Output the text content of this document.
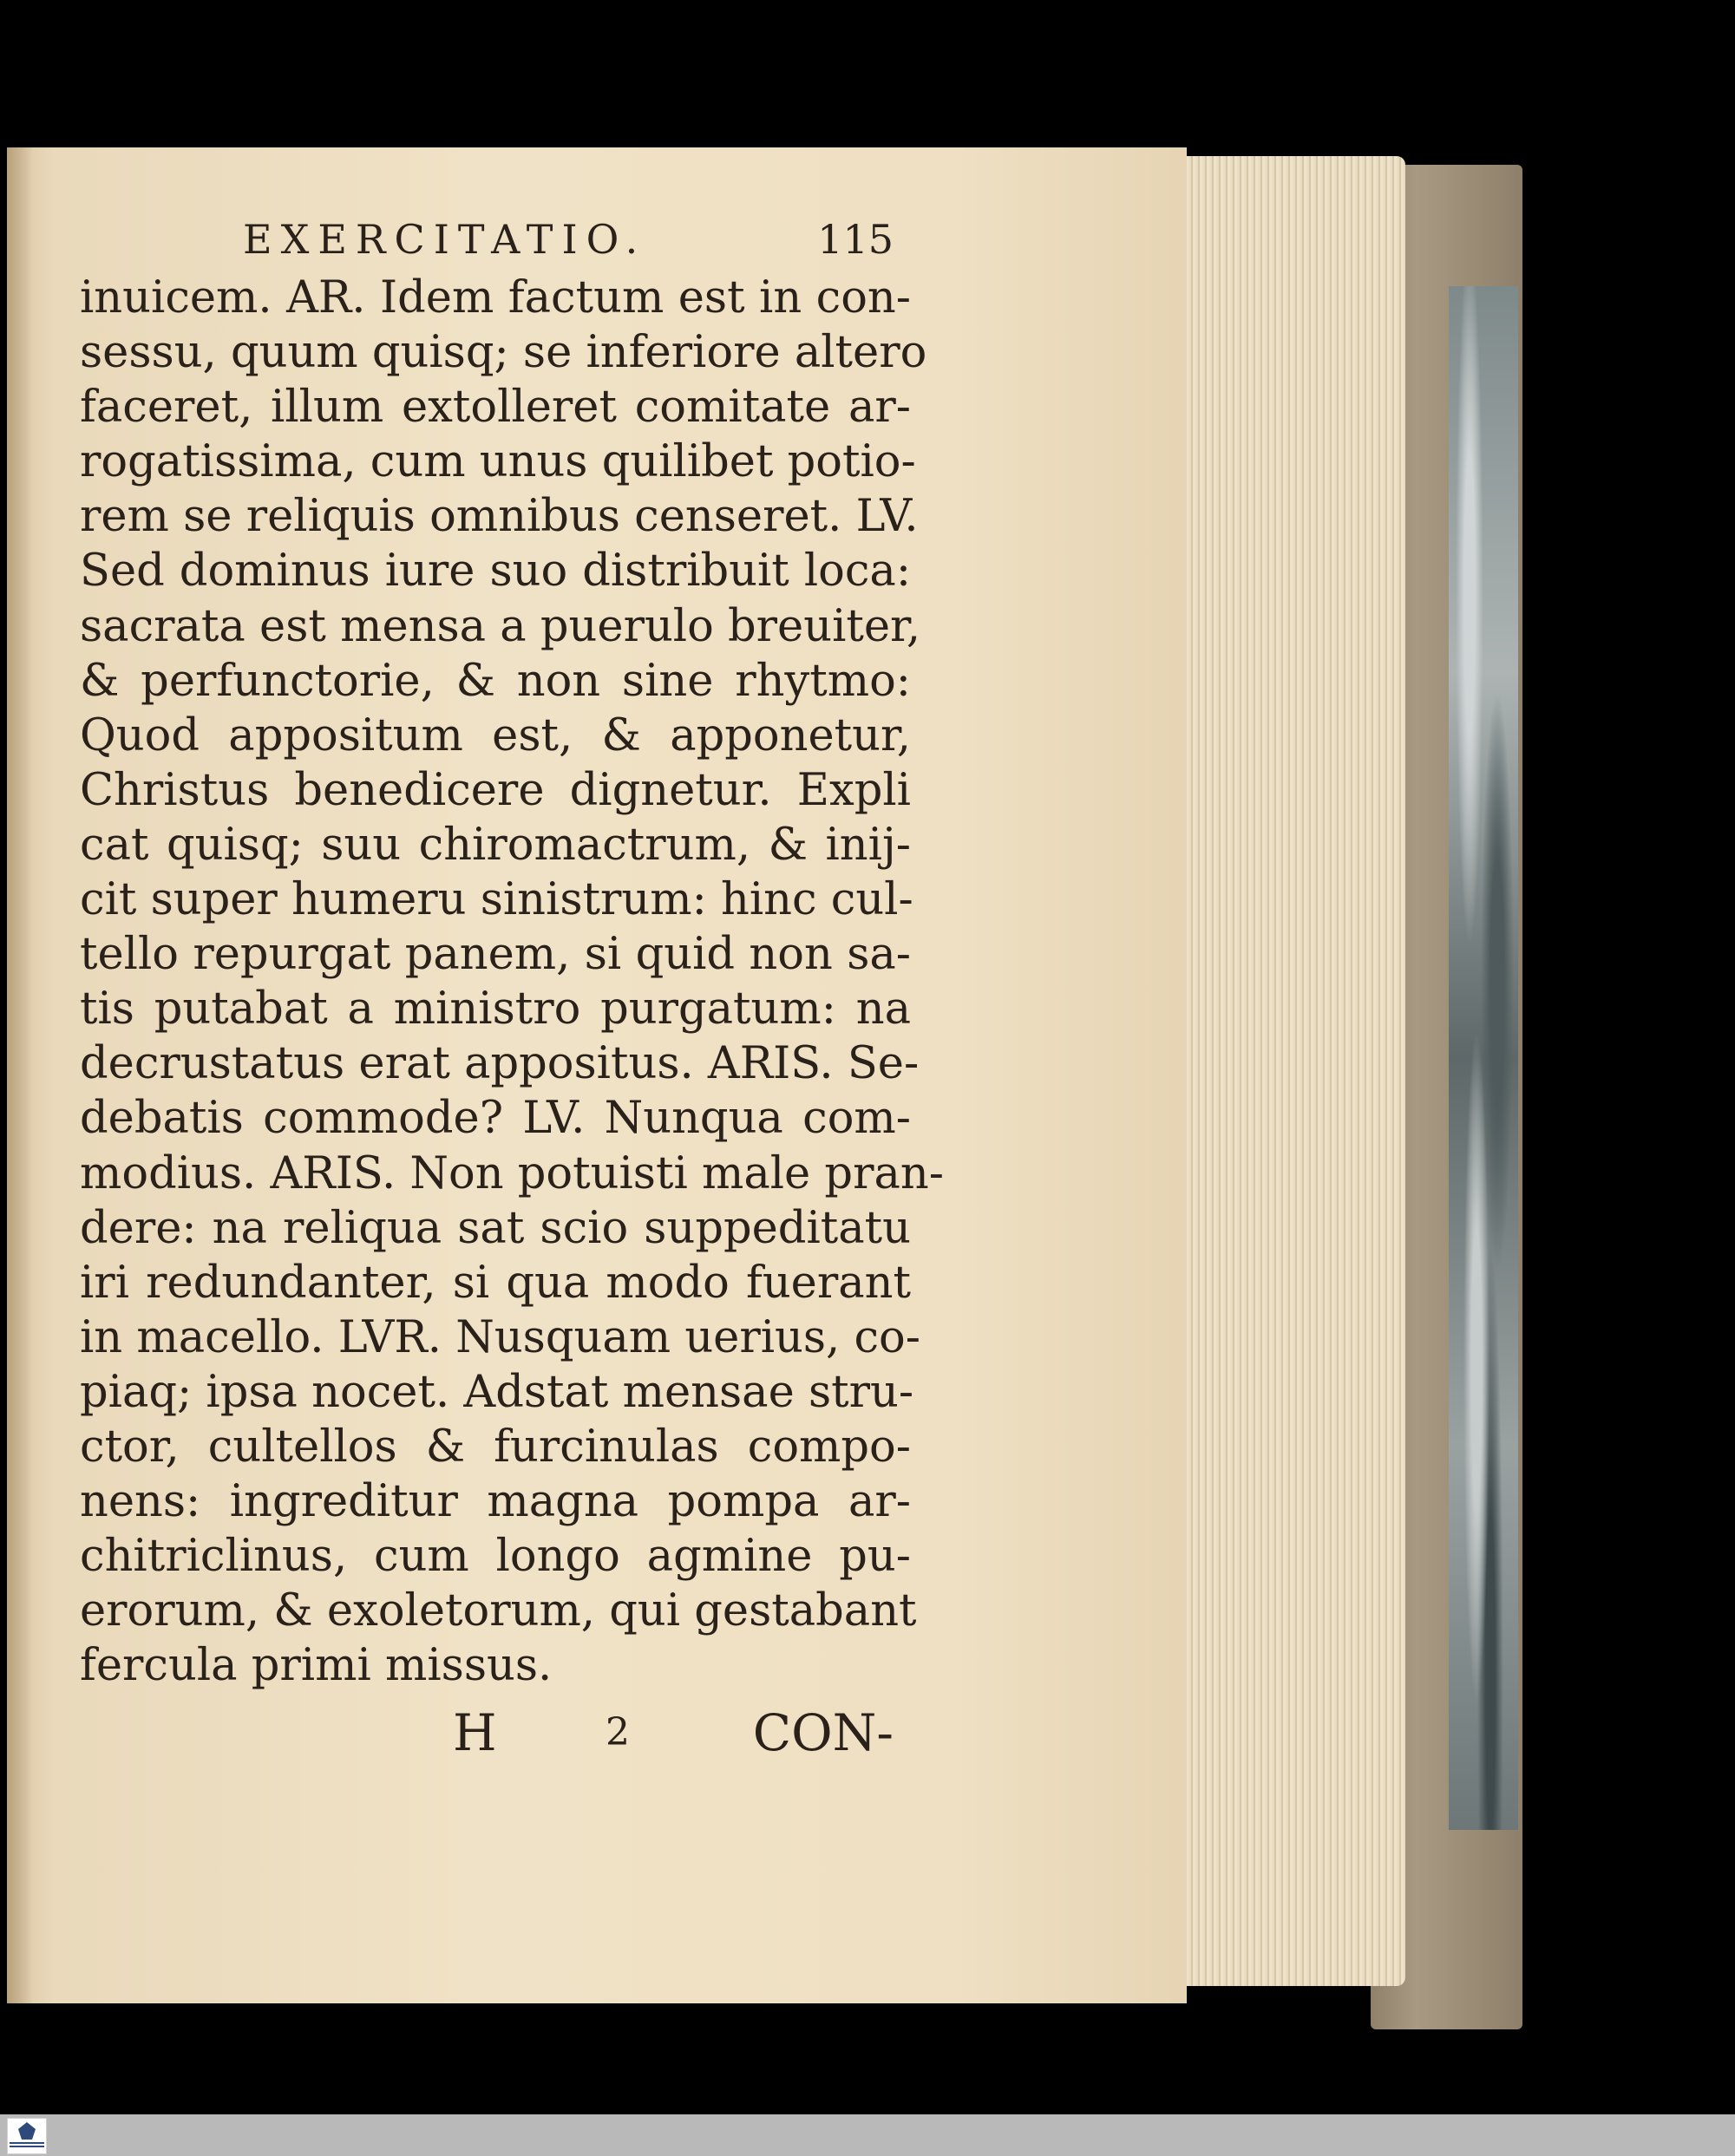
EXERCITATIO.	115
inuicem. AR. Idem factum est in con-
sessu, quum quisq; se inferiore altero
faceret, illum extolleret comitate ar-
rogatissima, cum unus quilibet potio-
rem se reliquis omnibus censeret. LV.
Sed dominus iure suo distribuit loca:
sacrata est mensa a puerulo breuiter,
& perfunctorie, & non sine rhytmo:
Quod appositum est, & apponetur,
Christus benedicere dignetur. Expli
cat quisq; suu chiromactrum, & inij-
cit super humeru sinistrum: hinc cul-
tello repurgat panem, si quid non sa-
tis putabat a ministro purgatum: na
decrustatus erat appositus. ARIS. Se-
debatis commode? LV. Nunqua com-
modius. ARIS. Non potuisti male pran-
dere: na reliqua sat scio suppeditatu
iri redundanter, si qua modo fuerant
in macello. LVR. Nusquam uerius, co-
piaq; ipsa nocet. Adstat mensae stru-
ctor, cultellos & furcinulas compo-
nens: ingreditur magna pompa ar-
chitriclinus, cum longo agmine pu-
erorum, & exoletorum, qui gestabant
fercula primi missus.
H	2 CON-
